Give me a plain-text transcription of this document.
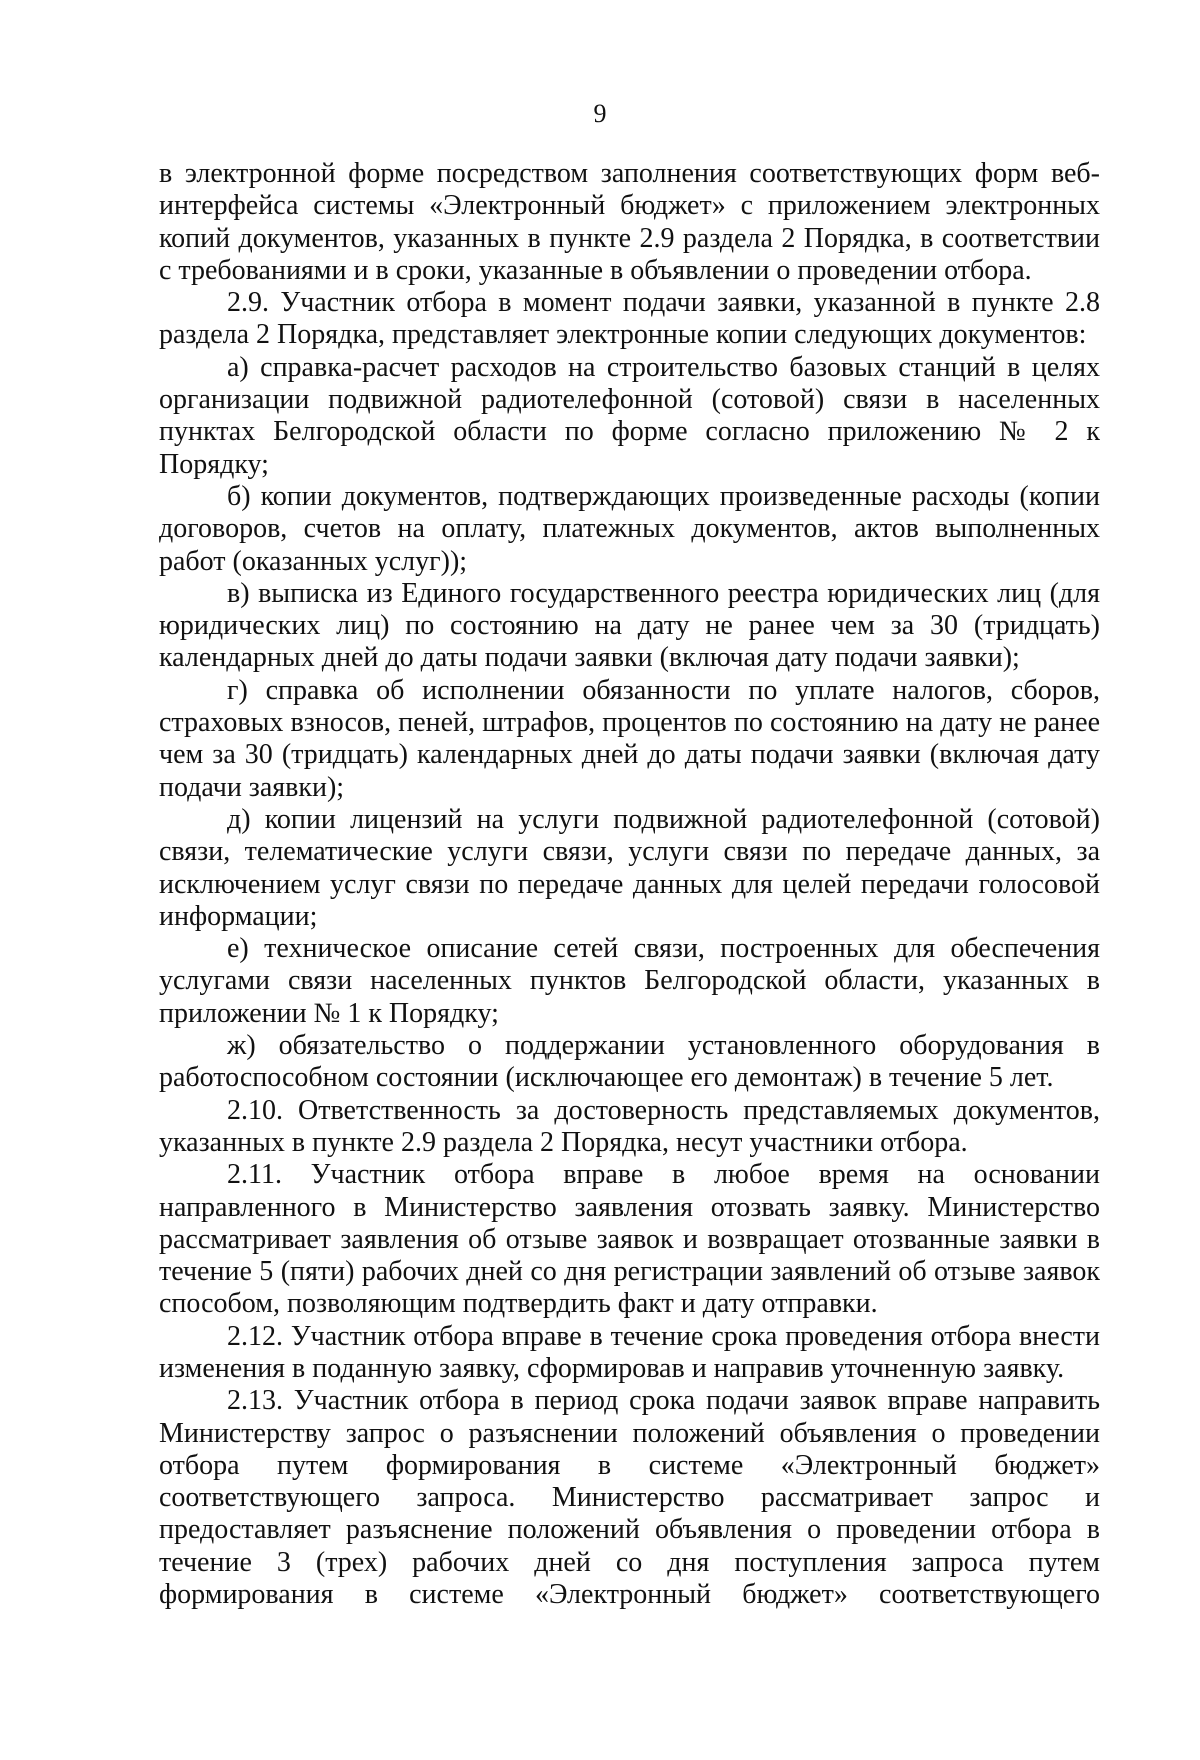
9

в электронной форме посредством заполнения соответствующих форм веб-интерфейса системы «Электронный бюджет» с приложением электронных копий документов, указанных в пункте 2.9 раздела 2 Порядка, в соответствии с требованиями и в сроки, указанные в объявлении о проведении отбора.

2.9. Участник отбора в момент подачи заявки, указанной в пункте 2.8 раздела 2 Порядка, представляет электронные копии следующих документов:

а) справка-расчет расходов на строительство базовых станций в целях организации подвижной радиотелефонной (сотовой) связи в населенных пунктах Белгородской области по форме согласно приложению № 2 к Порядку;

б) копии документов, подтверждающих произведенные расходы (копии договоров, счетов на оплату, платежных документов, актов выполненных работ (оказанных услуг));

в) выписка из Единого государственного реестра юридических лиц (для юридических лиц) по состоянию на дату не ранее чем за 30 (тридцать) календарных дней до даты подачи заявки (включая дату подачи заявки);

г) справка об исполнении обязанности по уплате налогов, сборов, страховых взносов, пеней, штрафов, процентов по состоянию на дату не ранее чем за 30 (тридцать) календарных дней до даты подачи заявки (включая дату подачи заявки);

д) копии лицензий на услуги подвижной радиотелефонной (сотовой) связи, телематические услуги связи, услуги связи по передаче данных, за исключением услуг связи по передаче данных для целей передачи голосовой информации;

е) техническое описание сетей связи, построенных для обеспечения услугами связи населенных пунктов Белгородской области, указанных в приложении № 1 к Порядку;

ж) обязательство о поддержании установленного оборудования в работоспособном состоянии (исключающее его демонтаж) в течение 5 лет.

2.10. Ответственность за достоверность представляемых документов, указанных в пункте 2.9 раздела 2 Порядка, несут участники отбора.

2.11. Участник отбора вправе в любое время на основании направленного в Министерство заявления отозвать заявку. Министерство рассматривает заявления об отзыве заявок и возвращает отозванные заявки в течение 5 (пяти) рабочих дней со дня регистрации заявлений об отзыве заявок способом, позволяющим подтвердить факт и дату отправки.

2.12. Участник отбора вправе в течение срока проведения отбора внести изменения в поданную заявку, сформировав и направив уточненную заявку.

2.13. Участник отбора в период срока подачи заявок вправе направить Министерству запрос о разъяснении положений объявления о проведении отбора путем формирования в системе «Электронный бюджет» соответствующего запроса. Министерство рассматривает запрос и предоставляет разъяснение положений объявления о проведении отбора в течение 3 (трех) рабочих дней со дня поступления запроса путем формирования в системе «Электронный бюджет» соответствующего
